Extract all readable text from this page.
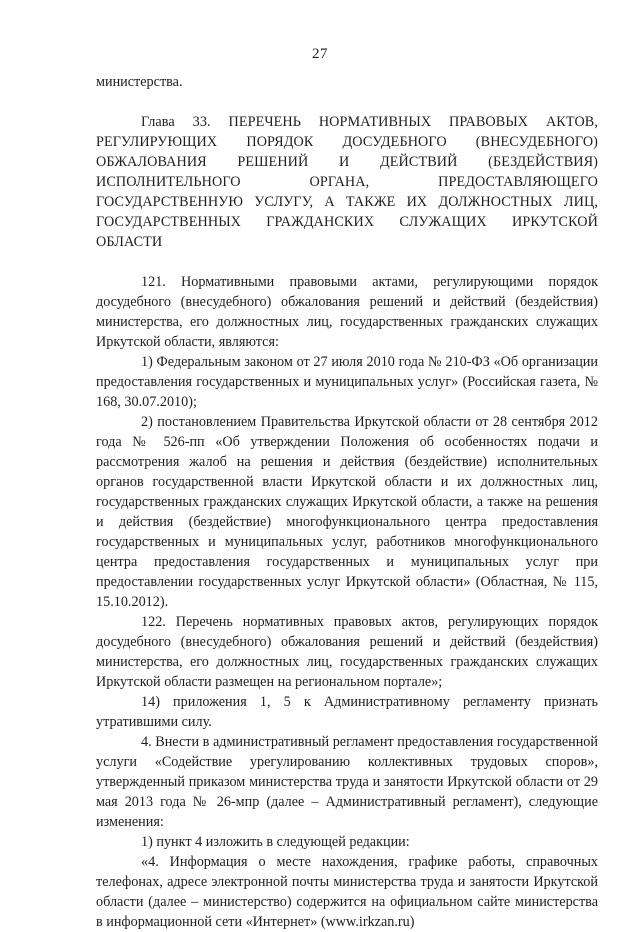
27

министерства.

Глава 33. ПЕРЕЧЕНЬ НОРМАТИВНЫХ ПРАВОВЫХ АКТОВ, РЕГУЛИРУЮЩИХ ПОРЯДОК ДОСУДЕБНОГО (ВНЕСУДЕБНОГО) ОБЖАЛОВАНИЯ РЕШЕНИЙ И ДЕЙСТВИЙ (БЕЗДЕЙСТВИЯ) ИСПОЛНИТЕЛЬНОГО ОРГАНА, ПРЕДОСТАВЛЯЮЩЕГО ГОСУДАРСТВЕННУЮ УСЛУГУ, А ТАКЖЕ ИХ ДОЛЖНОСТНЫХ ЛИЦ, ГОСУДАРСТВЕННЫХ ГРАЖДАНСКИХ СЛУЖАЩИХ ИРКУТСКОЙ ОБЛАСТИ

121. Нормативными правовыми актами, регулирующими порядок досудебного (внесудебного) обжалования решений и действий (бездействия) министерства, его должностных лиц, государственных гражданских служащих Иркутской области, являются:

1) Федеральным законом от 27 июля 2010 года № 210-ФЗ «Об организации предоставления государственных и муниципальных услуг» (Российская газета, № 168, 30.07.2010);

2) постановлением Правительства Иркутской области от 28 сентября 2012 года № 526-пп «Об утверждении Положения об особенностях подачи и рассмотрения жалоб на решения и действия (бездействие) исполнительных органов государственной власти Иркутской области и их должностных лиц, государственных гражданских служащих Иркутской области, а также на решения и действия (бездействие) многофункционального центра предоставления государственных и муниципальных услуг, работников многофункционального центра предоставления государственных и муниципальных услуг при предоставлении государственных услуг Иркутской области» (Областная, № 115, 15.10.2012).

122. Перечень нормативных правовых актов, регулирующих порядок досудебного (внесудебного) обжалования решений и действий (бездействия) министерства, его должностных лиц, государственных гражданских служащих Иркутской области размещен на региональном портале»;

14) приложения 1, 5 к Административному регламенту признать утратившими силу.

4. Внести в административный регламент предоставления государственной услуги «Содействие урегулированию коллективных трудовых споров», утвержденный приказом министерства труда и занятости Иркутской области от 29 мая 2013 года № 26-мпр (далее – Административный регламент), следующие изменения:

1) пункт 4 изложить в следующей редакции:

«4. Информация о месте нахождения, графике работы, справочных телефонах, адресе электронной почты министерства труда и занятости Иркутской области (далее – министерство) содержится на официальном сайте министерства в информационной сети «Интернет» (www.irkzan.ru)
